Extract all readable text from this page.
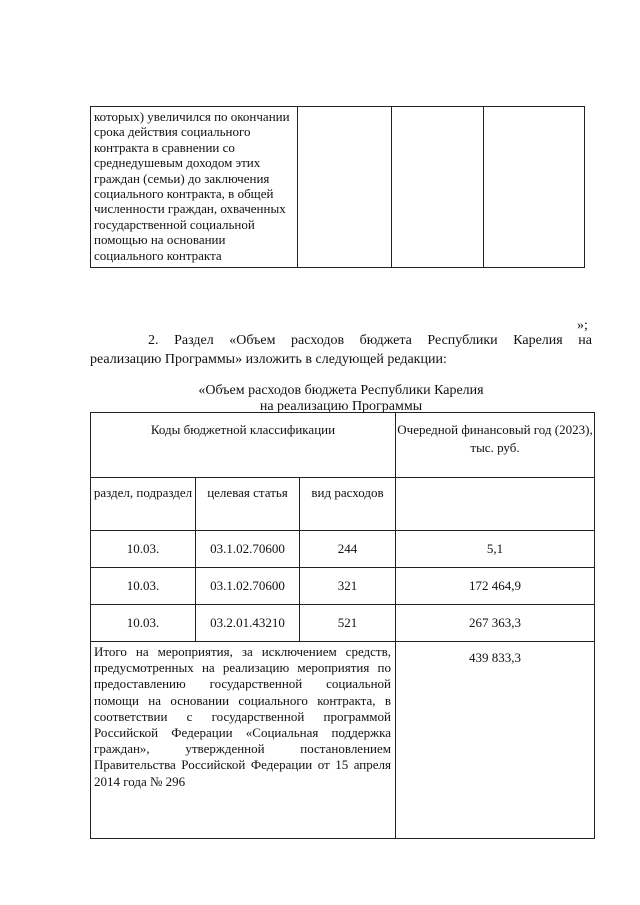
которых) увеличился по окончании срока действия социального контракта в сравнении со среднедушевым доходом этих граждан (семьи) до заключения социального контракта, в общей численности граждан, охваченных государственной социальной помощью на основании социального контракта			
»;
2. Раздел «Объем расходов бюджета Республики Карелия на
реализацию Программы» изложить в следующей редакции:
«Объем расходов бюджета Республики Карелия
на реализацию Программы
Коды бюджетной классификации			Очередной финансовый год (2023), тыс. руб.
раздел, подраздел	целевая статья	вид расходов	
10.03.	03.1.02.70600	244	5,1
10.03.	03.1.02.70600	321	172 464,9
10.03.	03.2.01.43210	521	267 363,3
Итого на мероприятия, за исключением средств, предусмотренных на реализацию мероприятия по предоставлению государственной социальной помощи на основании социального контракта, в соответствии с государственной программой Российской Федерации «Социальная поддержка граждан», утвержденной постановлением Правительства Российской Федерации от 15 апреля 2014 года № 296			439 833,3
